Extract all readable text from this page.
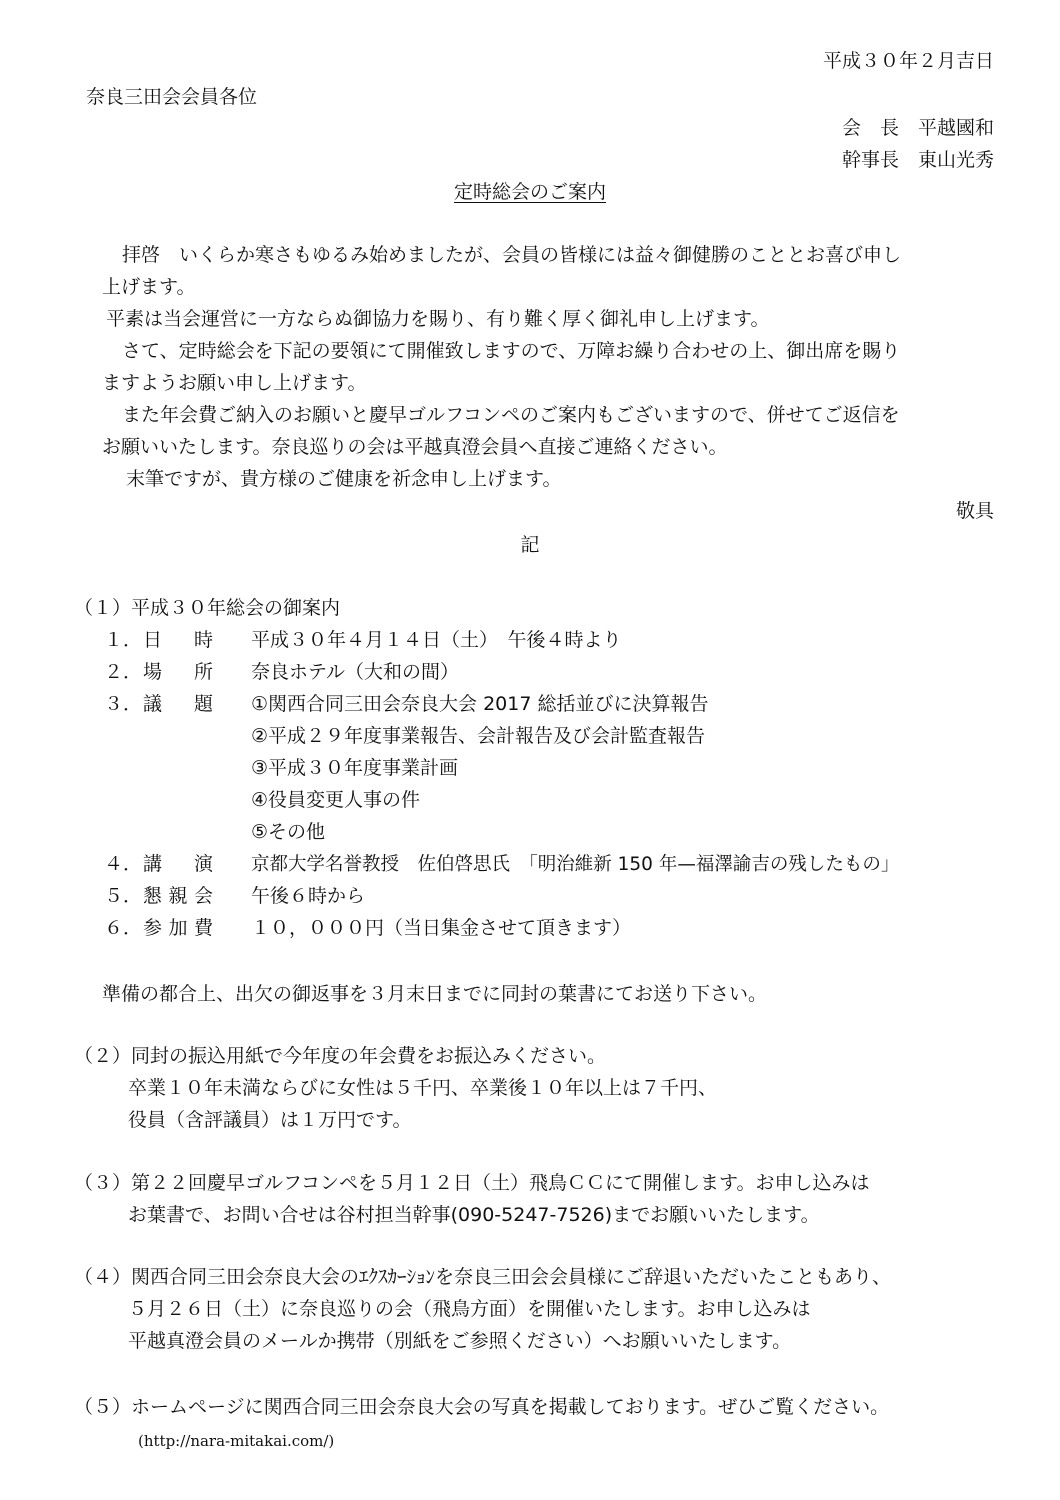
平成３０年２月吉日
奈良三田会会員各位
会　長　平越國和
幹事長　東山光秀
定時総会のご案内
拝啓　いくらか寒さもゆるみ始めましたが、会員の皆様には益々御健勝のこととお喜び申し
上げます。
平素は当会運営に一方ならぬ御協力を賜り、有り難く厚く御礼申し上げます。
さて、定時総会を下記の要領にて開催致しますので、万障お繰り合わせの上、御出席を賜り
ますようお願い申し上げます。
また年会費ご納入のお願いと慶早ゴルフコンペのご案内もございますので、併せてご返信を
お願いいたします。奈良巡りの会は平越真澄会員へ直接ご連絡ください。
末筆ですが、貴方様のご健康を祈念申し上げます。
敬具
記
（１）平成３０年総会の御案内
１． 日　時 平成３０年４月１４日（土）　午後４時より
２． 場　所 奈良ホテル（大和の間）
３． 議　題 ①関西合同三田会奈良大会 2017 総括並びに決算報告
②平成２９年度事業報告、会計報告及び会計監査報告
③平成３０年度事業計画
④役員変更人事の件
⑤その他
４． 講　演 京都大学名誉教授　佐伯啓思氏　「明治維新 150 年—福澤諭吉の残したもの」
５． 懇親会 午後６時から
６． 参加費 １０，０００円（当日集金させて頂きます）
準備の都合上、出欠の御返事を３月末日までに同封の葉書にてお送り下さい。
（２）同封の振込用紙で今年度の年会費をお振込みください。
卒業１０年未満ならびに女性は５千円、卒業後１０年以上は７千円、
役員（含評議員）は１万円です。
（３）第２２回慶早ゴルフコンペを５月１２日（土）飛鳥ＣＣにて開催します。お申し込みは
お葉書で、お問い合せは谷村担当幹事(090-5247-7526)までお願いいたします。
（４）関西合同三田会奈良大会のｴｸｽｶｰｼｮﾝを奈良三田会会員様にご辞退いただいたこともあり、
５月２６日（土）に奈良巡りの会（飛鳥方面）を開催いたします。お申し込みは
平越真澄会員のメールか携帯（別紙をご参照ください）へお願いいたします。
（５）ホームページに関西合同三田会奈良大会の写真を掲載しております。ぜひご覧ください。
(http://nara-mitakai.com/)
